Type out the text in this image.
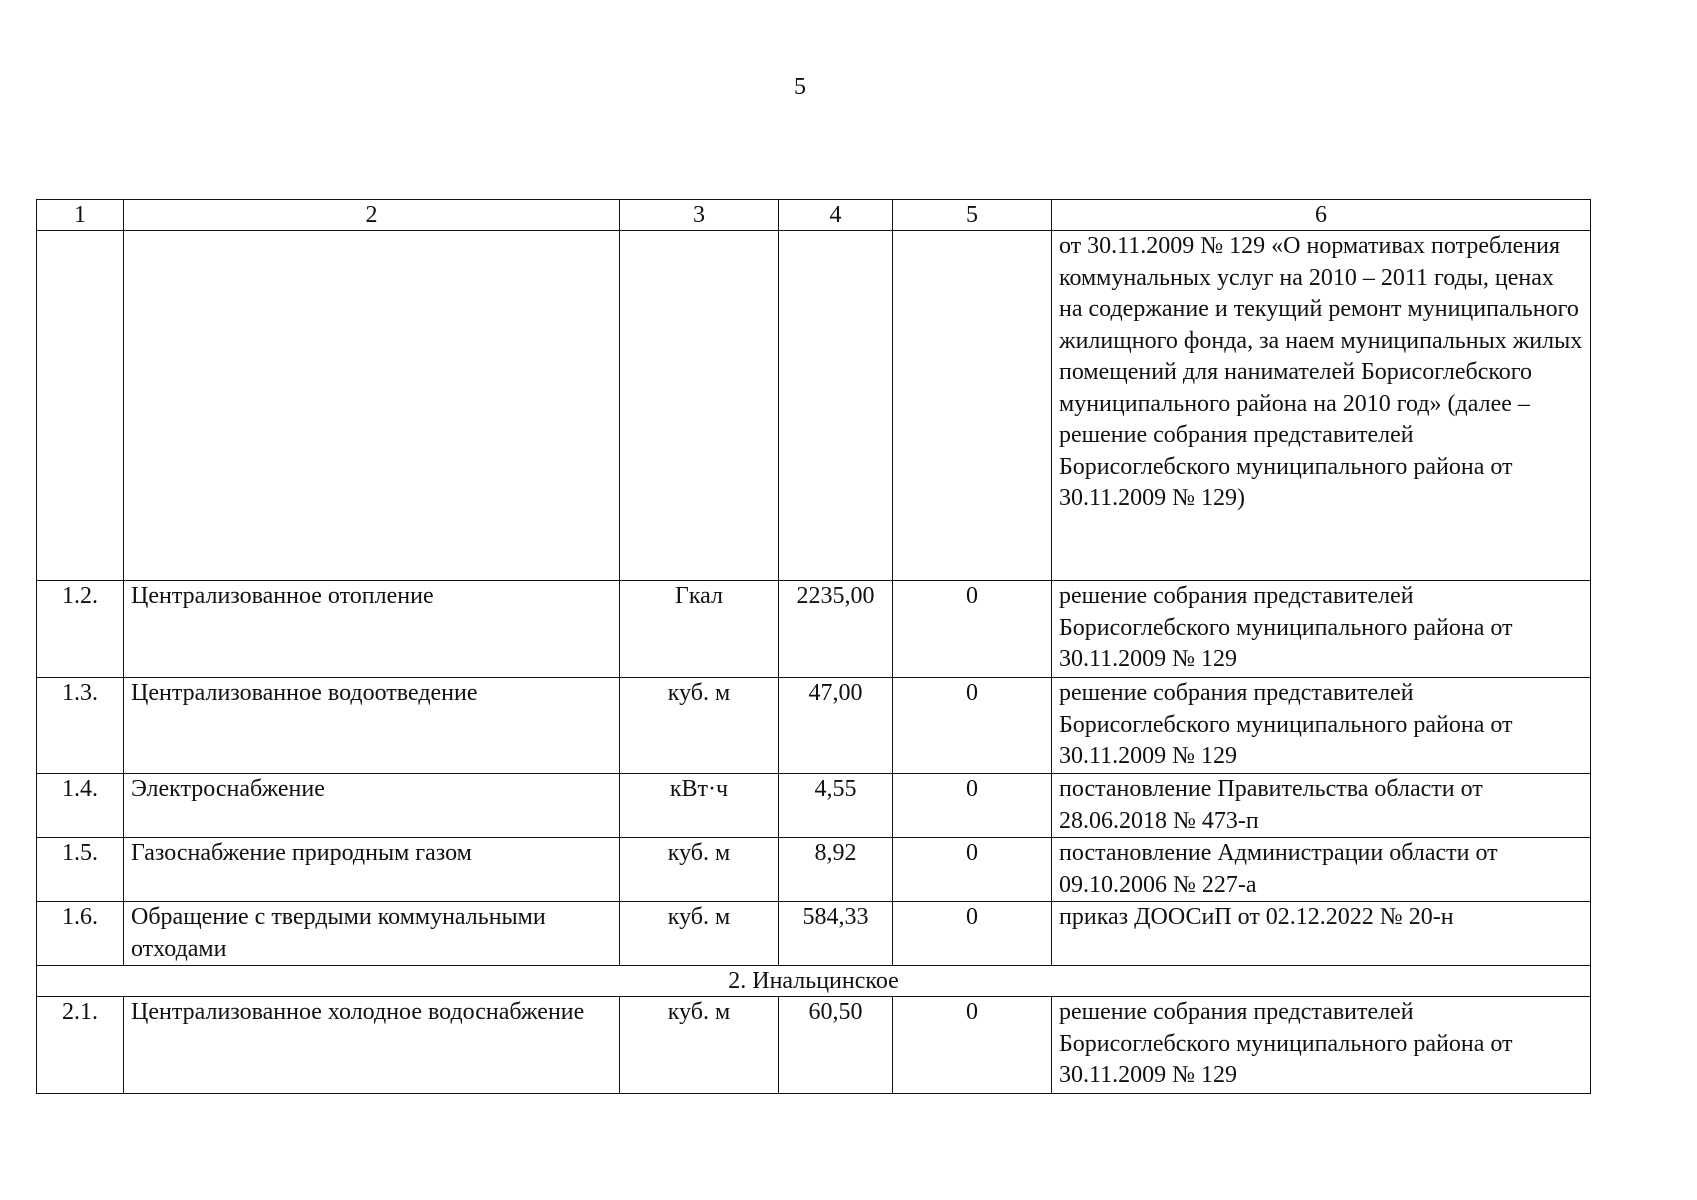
5
1	2	3	4	5	6
					от 30.11.2009 № 129 «О нормативах потребления коммунальных услуг на 2010 – 2011 годы, ценах на содержание и текущий ремонт муниципального жилищного фонда, за наем муниципальных жилых помещений для нанимателей Борисоглебского муниципального района на 2010 год» (далее – решение собрания представителей Борисоглебского муниципального района от 30.11.2009 № 129)
1.2.	Централизованное отопление	Гкал	2235,00	0	решение собрания представителей Борисоглебского муниципального района от 30.11.2009 № 129
1.3.	Централизованное водоотведение	куб. м	47,00	0	решение собрания представителей Борисоглебского муниципального района от 30.11.2009 № 129
1.4.	Электроснабжение	кВт·ч	4,55	0	постановление Правительства области от 28.06.2018 № 473-п
1.5.	Газоснабжение природным газом	куб. м	8,92	0	постановление Администрации области от 09.10.2006 № 227-а
1.6.	Обращение с твердыми коммунальными отходами	куб. м	584,33	0	приказ ДООСиП от 02.12.2022 № 20-н
2. Инальцинское					
2.1.	Централизованное холодное водоснабжение	куб. м	60,50	0	решение собрания представителей Борисоглебского муниципального района от 30.11.2009 № 129
